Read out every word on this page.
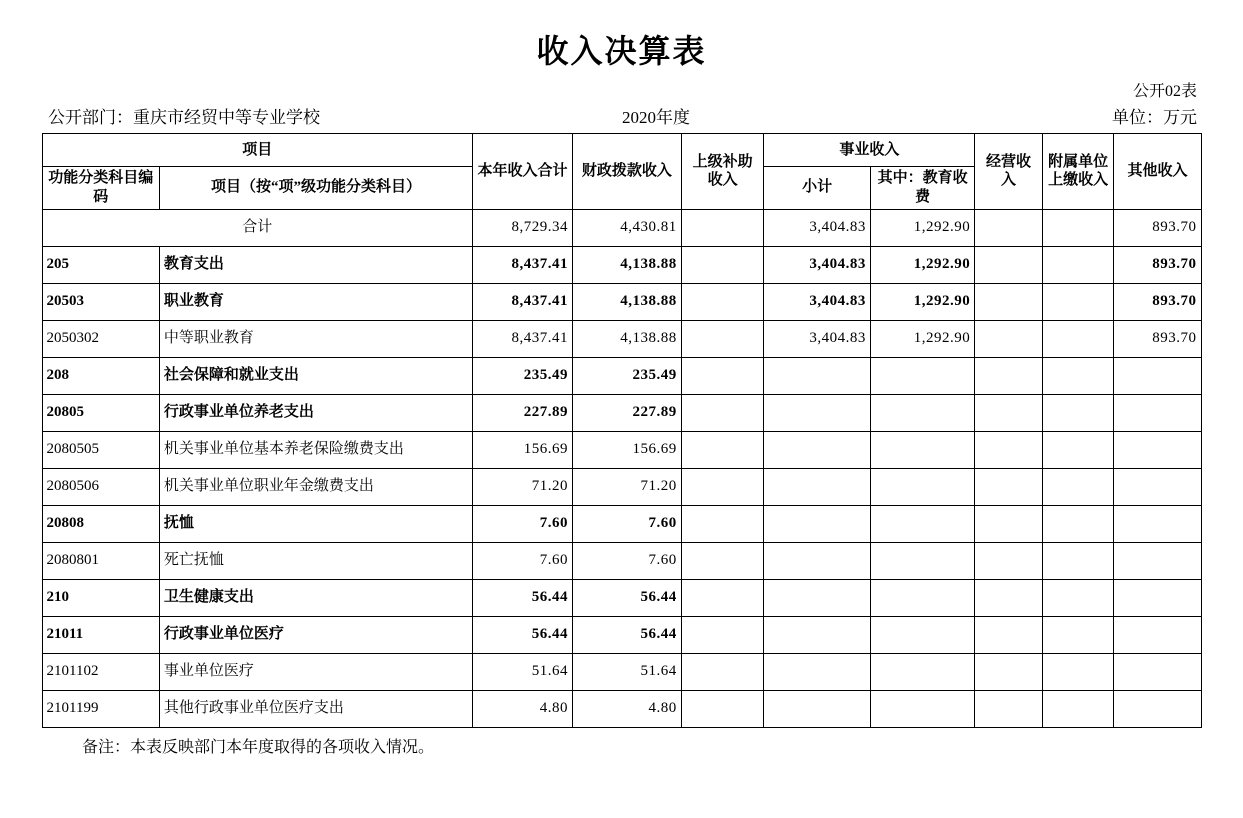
收入决算表
公开02表
公开部门：重庆市经贸中等专业学校	2020年度	单位：万元
项目		本年收入合计	财政拨款收入	上级补助收入	事业收入		经营收入	附属单位上缴收入	其他收入
功能分类科目编码	项目（按“项”级功能分类科目）				小计	其中：教育收费			

合计		8,729.34	4,430.81		3,404.83	1,292.90			893.70
205	教育支出	8,437.41	4,138.88		3,404.83	1,292.90			893.70
20503	职业教育	8,437.41	4,138.88		3,404.83	1,292.90			893.70
2050302	中等职业教育	8,437.41	4,138.88		3,404.83	1,292.90			893.70
208	社会保障和就业支出	235.49	235.49						
20805	行政事业单位养老支出	227.89	227.89						
2080505	机关事业单位基本养老保险缴费支出	156.69	156.69						
2080506	机关事业单位职业年金缴费支出	71.20	71.20						
20808	抚恤	7.60	7.60						
2080801	死亡抚恤	7.60	7.60						
210	卫生健康支出	56.44	56.44						
21011	行政事业单位医疗	56.44	56.44						
2101102	事业单位医疗	51.64	51.64						
2101199	其他行政事业单位医疗支出	4.80	4.80						
备注：本表反映部门本年度取得的各项收入情况。
